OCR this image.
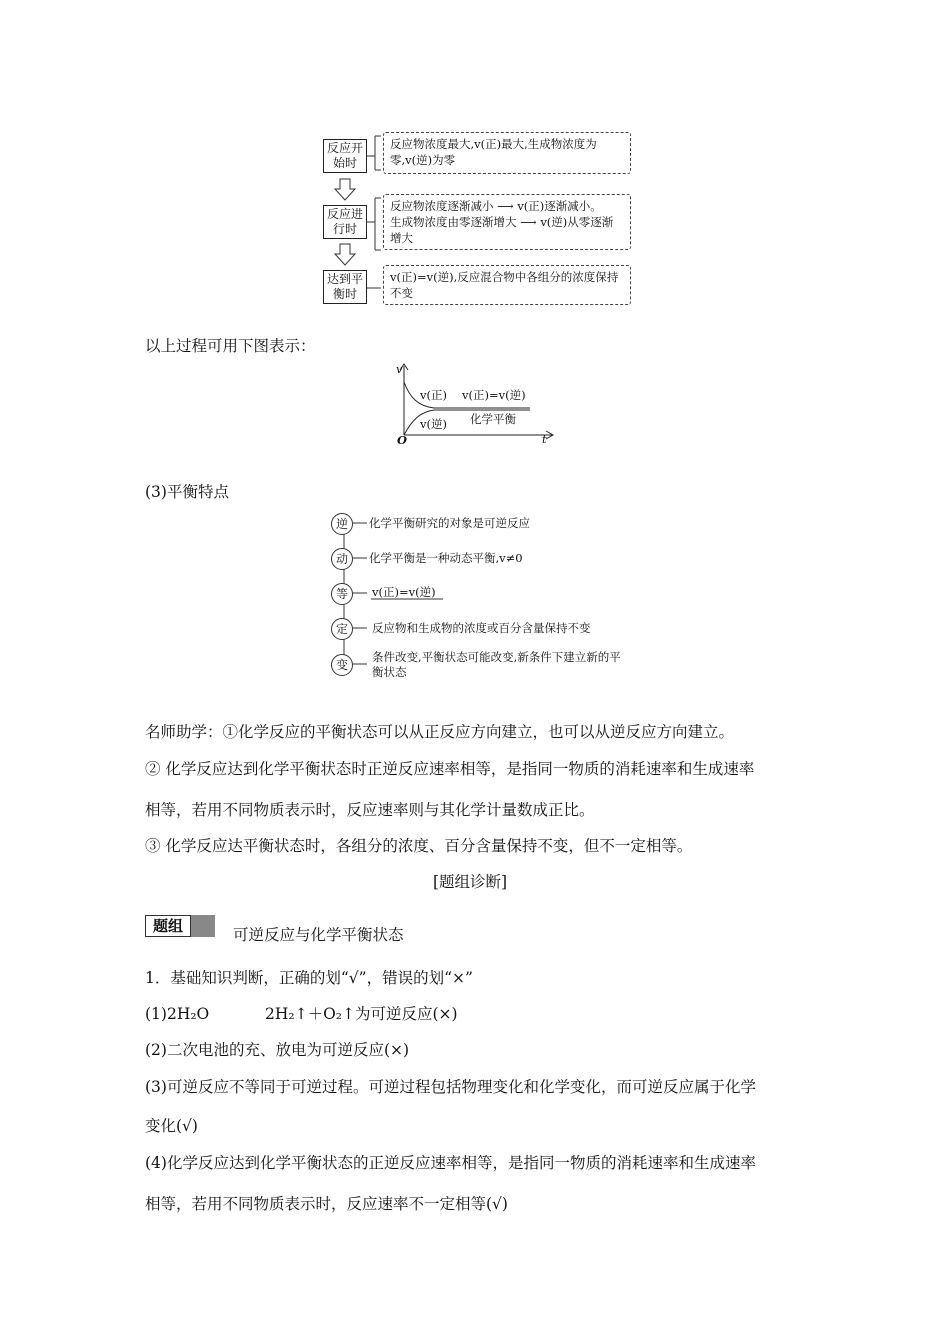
反应开始时
反应物浓度最大,v(正)最大,生成物浓度为零,v(逆)为零
反应进行时
反应物浓度逐渐减小 ⟶ v(正)逐渐减小。
生成物浓度由零逐渐增大 ⟶ v(逆)从零逐渐增大
达到平衡时
v(正)=v(逆),反应混合物中各组分的浓度保持不变
以上过程可用下图表示：
v
t
O
v(正) v(正)=v(逆)
v(逆) 化学平衡
(3)平衡特点
逆
动
等
定
变
化学平衡研究的对象是可逆反应
化学平衡是一种动态平衡,v≠0
v(正)=v(逆)
反应物和生成物的浓度或百分含量保持不变
条件改变,平衡状态可能改变,新条件下建立新的平衡状态
名师助学：①化学反应的平衡状态可以从正反应方向建立，也可以从逆反应方向建立。
② 化学反应达到化学平衡状态时正逆反应速率相等，是指同一物质的消耗速率和生成速率
相等，若用不同物质表示时，反应速率则与其化学计量数成正比。
③ 化学反应达平衡状态时，各组分的浓度、百分含量保持不变，但不一定相等。
[题组诊断]
题组	可逆反应与化学平衡状态
1．基础知识判断，正确的划“√”，错误的划“×”
(1)2H₂O	2H₂↑＋O₂↑为可逆反应(×)
(2)二次电池的充、放电为可逆反应(×)
(3)可逆反应不等同于可逆过程。可逆过程包括物理变化和化学变化，而可逆反应属于化学
变化(√)
(4)化学反应达到化学平衡状态的正逆反应速率相等，是指同一物质的消耗速率和生成速率
相等，若用不同物质表示时，反应速率不一定相等(√)
